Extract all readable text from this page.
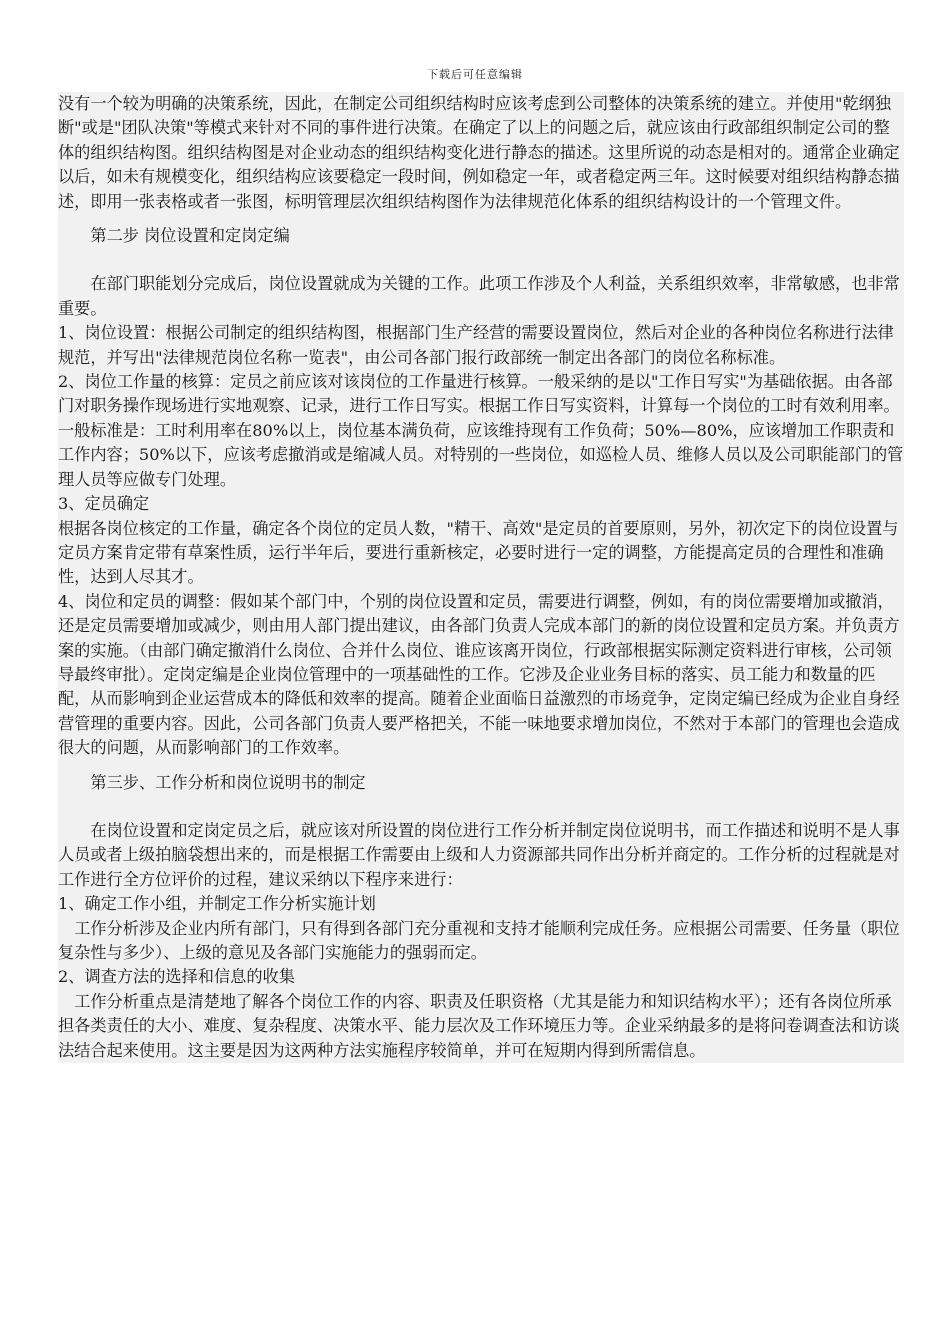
下载后可任意编辑

没有一个较为明确的决策系统，因此，在制定公司组织结构时应该考虑到公司整体的决策系统的建立。并使用"乾纲独断"或是"团队决策"等模式来针对不同的事件进行决策。在确定了以上的问题之后，就应该由行政部组织制定公司的整体的组织结构图。组织结构图是对企业动态的组织结构变化进行静态的描述。这里所说的动态是相对的。通常企业确定以后，如未有规模变化，组织结构应该要稳定一段时间，例如稳定一年，或者稳定两三年。这时候要对组织结构静态描述，即用一张表格或者一张图，标明管理层次组织结构图作为法律规范化体系的组织结构设计的一个管理文件。

第二步 岗位设置和定岗定编

在部门职能划分完成后，岗位设置就成为关键的工作。此项工作涉及个人利益，关系组织效率，非常敏感，也非常重要。

1、岗位设置：根据公司制定的组织结构图，根据部门生产经营的需要设置岗位，然后对企业的各种岗位名称进行法律规范，并写出"法律规范岗位名称一览表"，由公司各部门报行政部统一制定出各部门的岗位名称标准。

2、岗位工作量的核算：定员之前应该对该岗位的工作量进行核算。一般采纳的是以"工作日写实"为基础依据。由各部门对职务操作现场进行实地观察、记录，进行工作日写实。根据工作日写实资料，计算每一个岗位的工时有效利用率。一般标准是：工时利用率在80%以上，岗位基本满负荷，应该维持现有工作负荷；50%—80%，应该增加工作职责和工作内容；50%以下，应该考虑撤消或是缩减人员。对特别的一些岗位，如巡检人员、维修人员以及公司职能部门的管理人员等应做专门处理。

3、定员确定

根据各岗位核定的工作量，确定各个岗位的定员人数，"精干、高效"是定员的首要原则，另外，初次定下的岗位设置与定员方案肯定带有草案性质，运行半年后，要进行重新核定，必要时进行一定的调整，方能提高定员的合理性和准确性，达到人尽其才。

4、岗位和定员的调整：假如某个部门中，个别的岗位设置和定员，需要进行调整，例如，有的岗位需要增加或撤消，还是定员需要增加或减少，则由用人部门提出建议，由各部门负责人完成本部门的新的岗位设置和定员方案。并负责方案的实施。（由部门确定撤消什么岗位、合并什么岗位、谁应该离开岗位，行政部根据实际测定资料进行审核，公司领导最终审批）。定岗定编是企业岗位管理中的一项基础性的工作。它涉及企业业务目标的落实、员工能力和数量的匹配，从而影响到企业运营成本的降低和效率的提高。随着企业面临日益激烈的市场竞争，定岗定编已经成为企业自身经营管理的重要内容。因此，公司各部门负责人要严格把关，不能一味地要求增加岗位，不然对于本部门的管理也会造成很大的问题，从而影响部门的工作效率。

第三步、工作分析和岗位说明书的制定

在岗位设置和定岗定员之后，就应该对所设置的岗位进行工作分析并制定岗位说明书，而工作描述和说明不是人事人员或者上级拍脑袋想出来的，而是根据工作需要由上级和人力资源部共同作出分析并商定的。工作分析的过程就是对工作进行全方位评价的过程，建议采纳以下程序来进行：

1、确定工作小组，并制定工作分析实施计划

工作分析涉及企业内所有部门，只有得到各部门充分重视和支持才能顺利完成任务。应根据公司需要、任务量（职位复杂性与多少）、上级的意见及各部门实施能力的强弱而定。

2、调查方法的选择和信息的收集

工作分析重点是清楚地了解各个岗位工作的内容、职责及任职资格（尤其是能力和知识结构水平）；还有各岗位所承担各类责任的大小、难度、复杂程度、决策水平、能力层次及工作环境压力等。企业采纳最多的是将问卷调查法和访谈法结合起来使用。这主要是因为这两种方法实施程序较简单，并可在短期内得到所需信息。
